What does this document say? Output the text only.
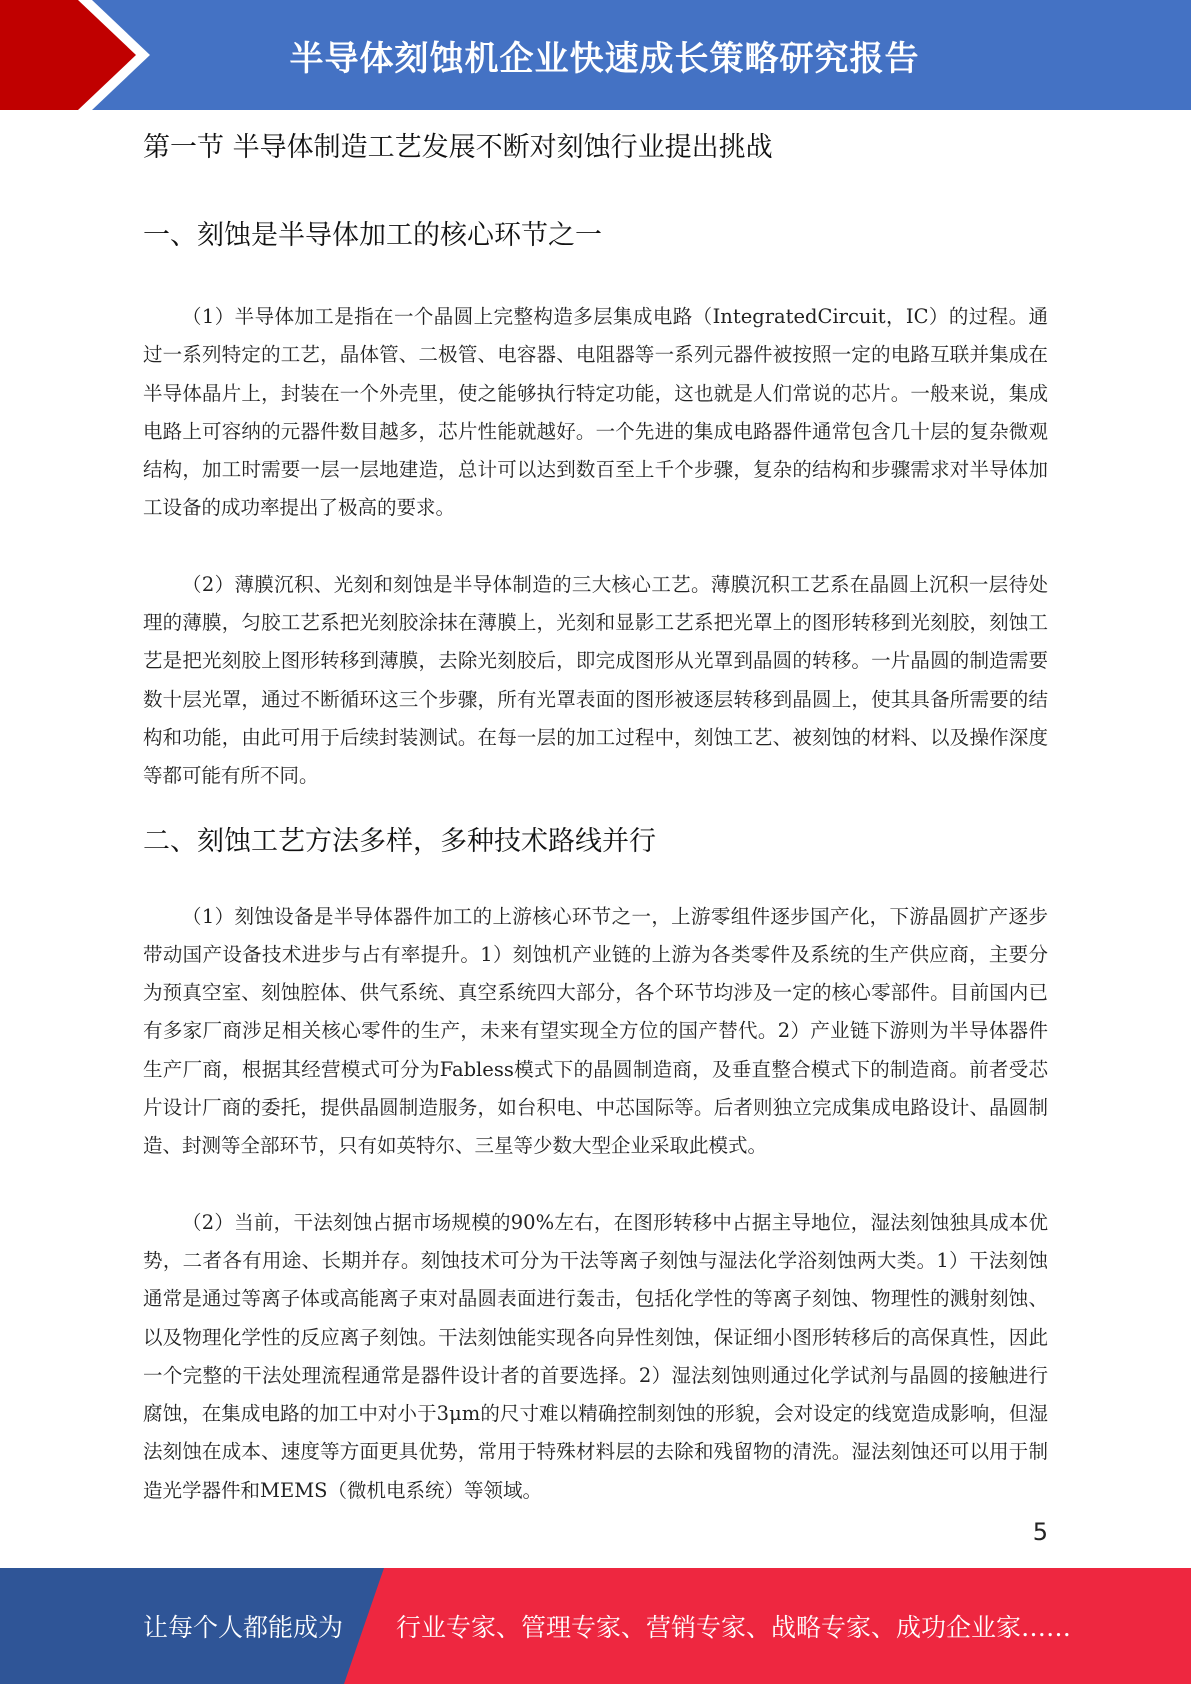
半导体刻蚀机企业快速成长策略研究报告
第一节 半导体制造工艺发展不断对刻蚀行业提出挑战
一、刻蚀是半导体加工的核心环节之一

（1）半导体加工是指在一个晶圆上完整构造多层集成电路（IntegratedCircuit，IC）的过程。通过一系列特定的工艺，晶体管、二极管、电容器、电阻器等一系列元器件被按照一定的电路互联并集成在半导体晶片上，封装在一个外壳里，使之能够执行特定功能，这也就是人们常说的芯片。一般来说，集成电路上可容纳的元器件数目越多，芯片性能就越好。一个先进的集成电路器件通常包含几十层的复杂微观结构，加工时需要一层一层地建造，总计可以达到数百至上千个步骤，复杂的结构和步骤需求对半导体加工设备的成功率提出了极高的要求。

（2）薄膜沉积、光刻和刻蚀是半导体制造的三大核心工艺。薄膜沉积工艺系在晶圆上沉积一层待处理的薄膜，匀胶工艺系把光刻胶涂抹在薄膜上，光刻和显影工艺系把光罩上的图形转移到光刻胶，刻蚀工艺是把光刻胶上图形转移到薄膜，去除光刻胶后，即完成图形从光罩到晶圆的转移。一片晶圆的制造需要数十层光罩，通过不断循环这三个步骤，所有光罩表面的图形被逐层转移到晶圆上，使其具备所需要的结构和功能，由此可用于后续封装测试。在每一层的加工过程中，刻蚀工艺、被刻蚀的材料、以及操作深度等都可能有所不同。

二、刻蚀工艺方法多样，多种技术路线并行

（1）刻蚀设备是半导体器件加工的上游核心环节之一，上游零组件逐步国产化，下游晶圆扩产逐步带动国产设备技术进步与占有率提升。1）刻蚀机产业链的上游为各类零件及系统的生产供应商，主要分为预真空室、刻蚀腔体、供气系统、真空系统四大部分，各个环节均涉及一定的核心零部件。目前国内已有多家厂商涉足相关核心零件的生产，未来有望实现全方位的国产替代。2）产业链下游则为半导体器件生产厂商，根据其经营模式可分为Fabless模式下的晶圆制造商，及垂直整合模式下的制造商。前者受芯片设计厂商的委托，提供晶圆制造服务，如台积电、中芯国际等。后者则独立完成集成电路设计、晶圆制造、封测等全部环节，只有如英特尔、三星等少数大型企业采取此模式。

（2）当前，干法刻蚀占据市场规模的90%左右，在图形转移中占据主导地位，湿法刻蚀独具成本优势，二者各有用途、长期并存。刻蚀技术可分为干法等离子刻蚀与湿法化学浴刻蚀两大类。1）干法刻蚀通常是通过等离子体或高能离子束对晶圆表面进行轰击，包括化学性的等离子刻蚀、物理性的溅射刻蚀、以及物理化学性的反应离子刻蚀。干法刻蚀能实现各向异性刻蚀，保证细小图形转移后的高保真性，因此一个完整的干法处理流程通常是器件设计者的首要选择。2）湿法刻蚀则通过化学试剂与晶圆的接触进行腐蚀，在集成电路的加工中对小于3μm的尺寸难以精确控制刻蚀的形貌，会对设定的线宽造成影响，但湿法刻蚀在成本、速度等方面更具优势，常用于特殊材料层的去除和残留物的清洗。湿法刻蚀还可以用于制造光学器件和MEMS（微机电系统）等领域。

5
让每个人都能成为 行业专家、管理专家、营销专家、战略专家、成功企业家……
